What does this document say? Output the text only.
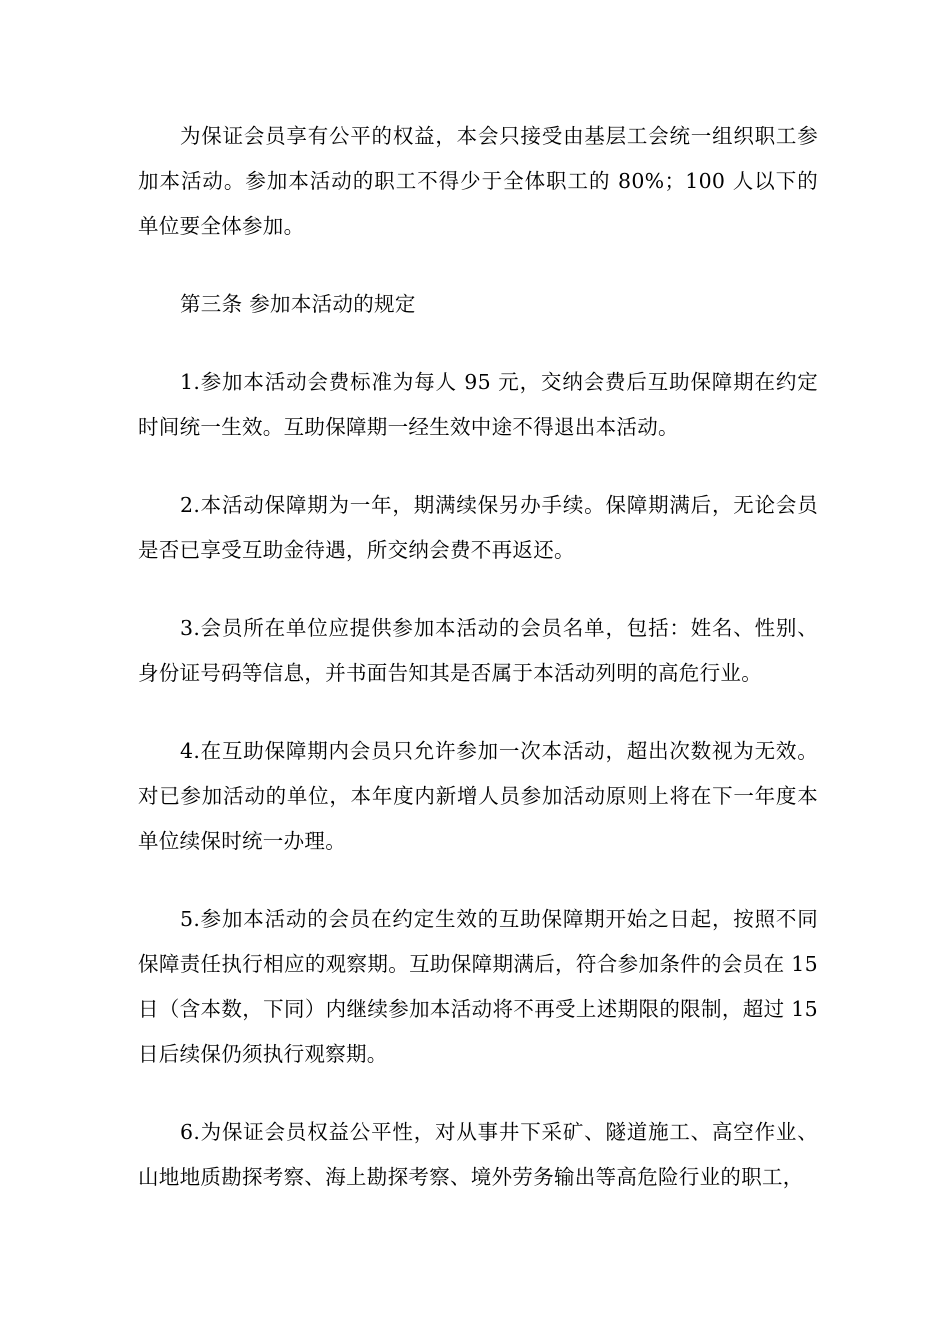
为保证会员享有公平的权益，本会只接受由基层工会统一组织职工参加本活动。参加本活动的职工不得少于全体职工的 80%；100 人以下的单位要全体参加。

第三条 参加本活动的规定

1.参加本活动会费标准为每人 95 元，交纳会费后互助保障期在约定时间统一生效。互助保障期一经生效中途不得退出本活动。

2.本活动保障期为一年，期满续保另办手续。保障期满后，无论会员是否已享受互助金待遇，所交纳会费不再返还。

3.会员所在单位应提供参加本活动的会员名单，包括：姓名、性别、身份证号码等信息，并书面告知其是否属于本活动列明的高危行业。

4.在互助保障期内会员只允许参加一次本活动，超出次数视为无效。对已参加活动的单位，本年度内新增人员参加活动原则上将在下一年度本单位续保时统一办理。

5.参加本活动的会员在约定生效的互助保障期开始之日起，按照不同保障责任执行相应的观察期。互助保障期满后，符合参加条件的会员在 15 日（含本数，下同）内继续参加本活动将不再受上述期限的限制，超过 15 日后续保仍须执行观察期。

6.为保证会员权益公平性，对从事井下采矿、隧道施工、高空作业、山地地质勘探考察、海上勘探考察、境外劳务输出等高危险行业的职工，
